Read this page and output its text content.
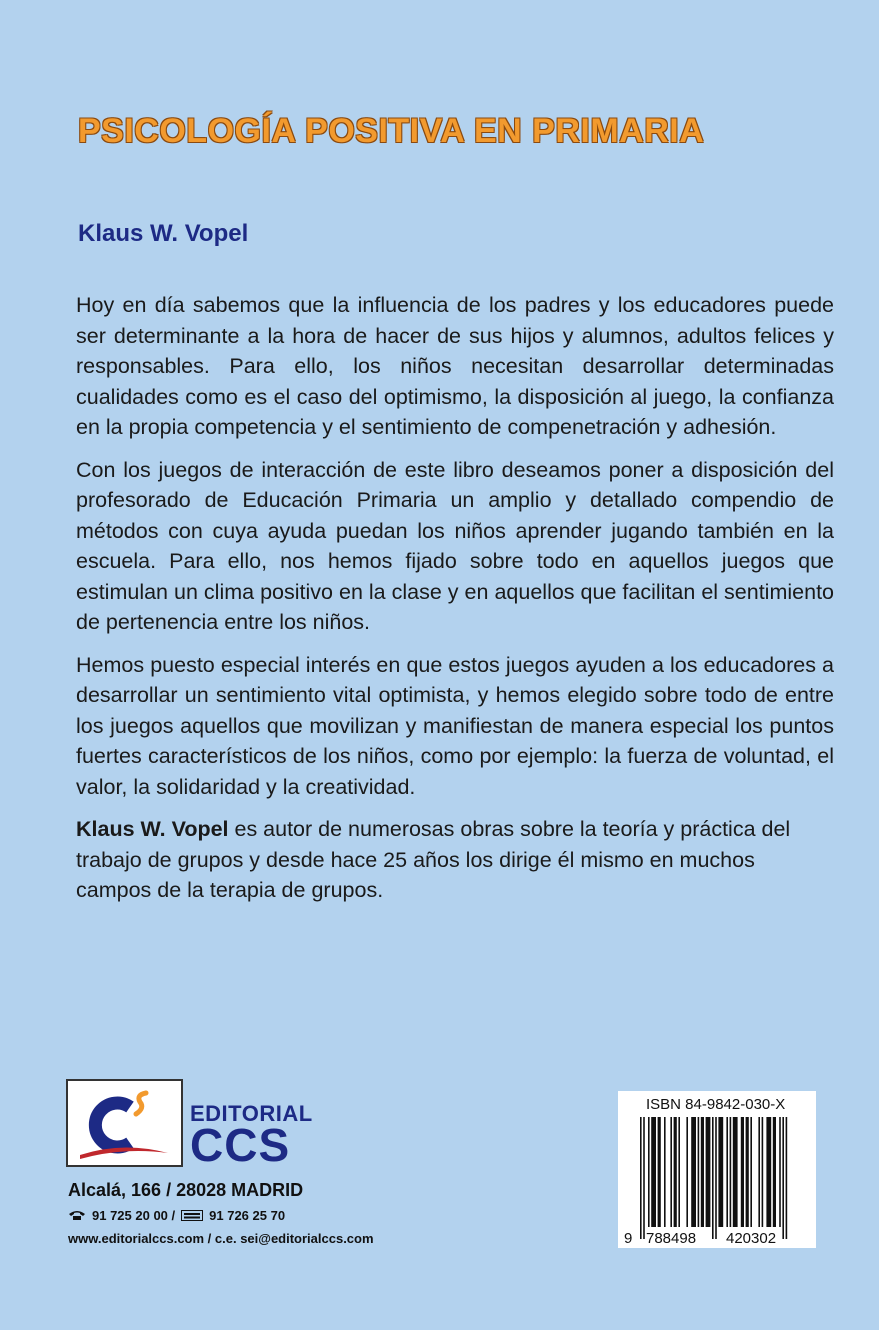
PSICOLOGÍA POSITIVA EN PRIMARIA
Klaus W. Vopel

Hoy en día sabemos que la influencia de los padres y los educadores puede ser determinante a la hora de hacer de sus hijos y alumnos, adultos felices y responsables. Para ello, los niños necesitan desarrollar determinadas cualidades como es el caso del optimismo, la disposición al juego, la confianza en la propia competencia y el sentimiento de compenetración y adhesión.

Con los juegos de interacción de este libro deseamos poner a disposición del profesorado de Educación Primaria un amplio y detallado compendio de métodos con cuya ayuda puedan los niños aprender jugando también en la escuela. Para ello, nos hemos fijado sobre todo en aquellos juegos que estimulan un clima positivo en la clase y en aquellos que facilitan el sentimiento de pertenencia entre los niños.

Hemos puesto especial interés en que estos juegos ayuden a los educadores a desarrollar un sentimiento vital optimista, y hemos elegido sobre todo de entre los juegos aquellos que movilizan y manifiestan de manera especial los puntos fuertes característicos de los niños, como por ejemplo: la fuerza de voluntad, el valor, la solidaridad y la creatividad.

Klaus W. Vopel es autor de numerosas obras sobre la teoría y práctica del trabajo de grupos y desde hace 25 años los dirige él mismo en muchos campos de la terapia de grupos.

EDITORIAL
CCS
Alcalá, 166 / 28028 MADRID
91 725 20 00 /	91 726 25 70
www.editorialccs.com / c.e. sei@editorialccs.com
ISBN 84-9842-030-X
9 788498 420302
